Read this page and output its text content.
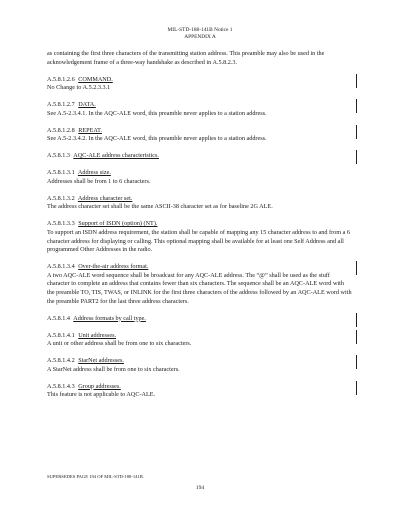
MIL-STD-188-141B Notice 1
APPENDIX A

as containing the first three characters of the transmitting station address. This preamble may also be used in the acknowledgement frame of a three-way handshake as described in A.5.8.2.3.

A.5.8.1.2.6 COMMAND.

No Change to A.5.2.3.3.1

A.5.8.1.2.7 DATA.

See A.5-2.3.4.1. In the AQC-ALE word, this preamble never applies to a station address.

A.5.8.1.2.8 REPEAT.

See A.5-2.3.4.2. In the AQC-ALE word, this preamble never applies to a station address.

A.5.8.1.3 AQC-ALE address characteristics.

A.5.8.1.3.1 Address size.

Addresses shall be from 1 to 6 characters.

A.5.8.1.3.2 Address character set.

The address character set shall be the same ASCII-38 character set as for baseline 2G ALE.

A.5.8.1.3.3 Support of ISDN (option) (NT).

To support an ISDN address requirement, the station shall be capable of mapping any 15 character address to and from a 6 character address for displaying or calling. This optional mapping shall be available for at least one Self Address and all programmed Other Addresses in the radio.

A.5.8.1.3.4 Over-the-air address format.

A two AQC-ALE word sequence shall be broadcast for any AQC-ALE address. The “@” shall be used as the stuff character to complete an address that contains fewer than six characters. The sequence shall be an AQC-ALE word with the preamble TO, TIS, TWAS, or INLINK for the first three characters of the address followed by an AQC-ALE word with the preamble PART2 for the last three address characters.

A.5.8.1.4 Address formats by call type.

A.5.8.1.4.1 Unit addresses.

A unit or other address shall be from one to six characters.

A.5.8.1.4.2 StarNet addresses.

A StarNet address shall be from one to six characters.

A.5.8.1.4.3 Group addresses.

This feature is not applicable to AQC-ALE.

SUPERSEDES PAGE 194 OF MIL-STD-188-141B.
194
